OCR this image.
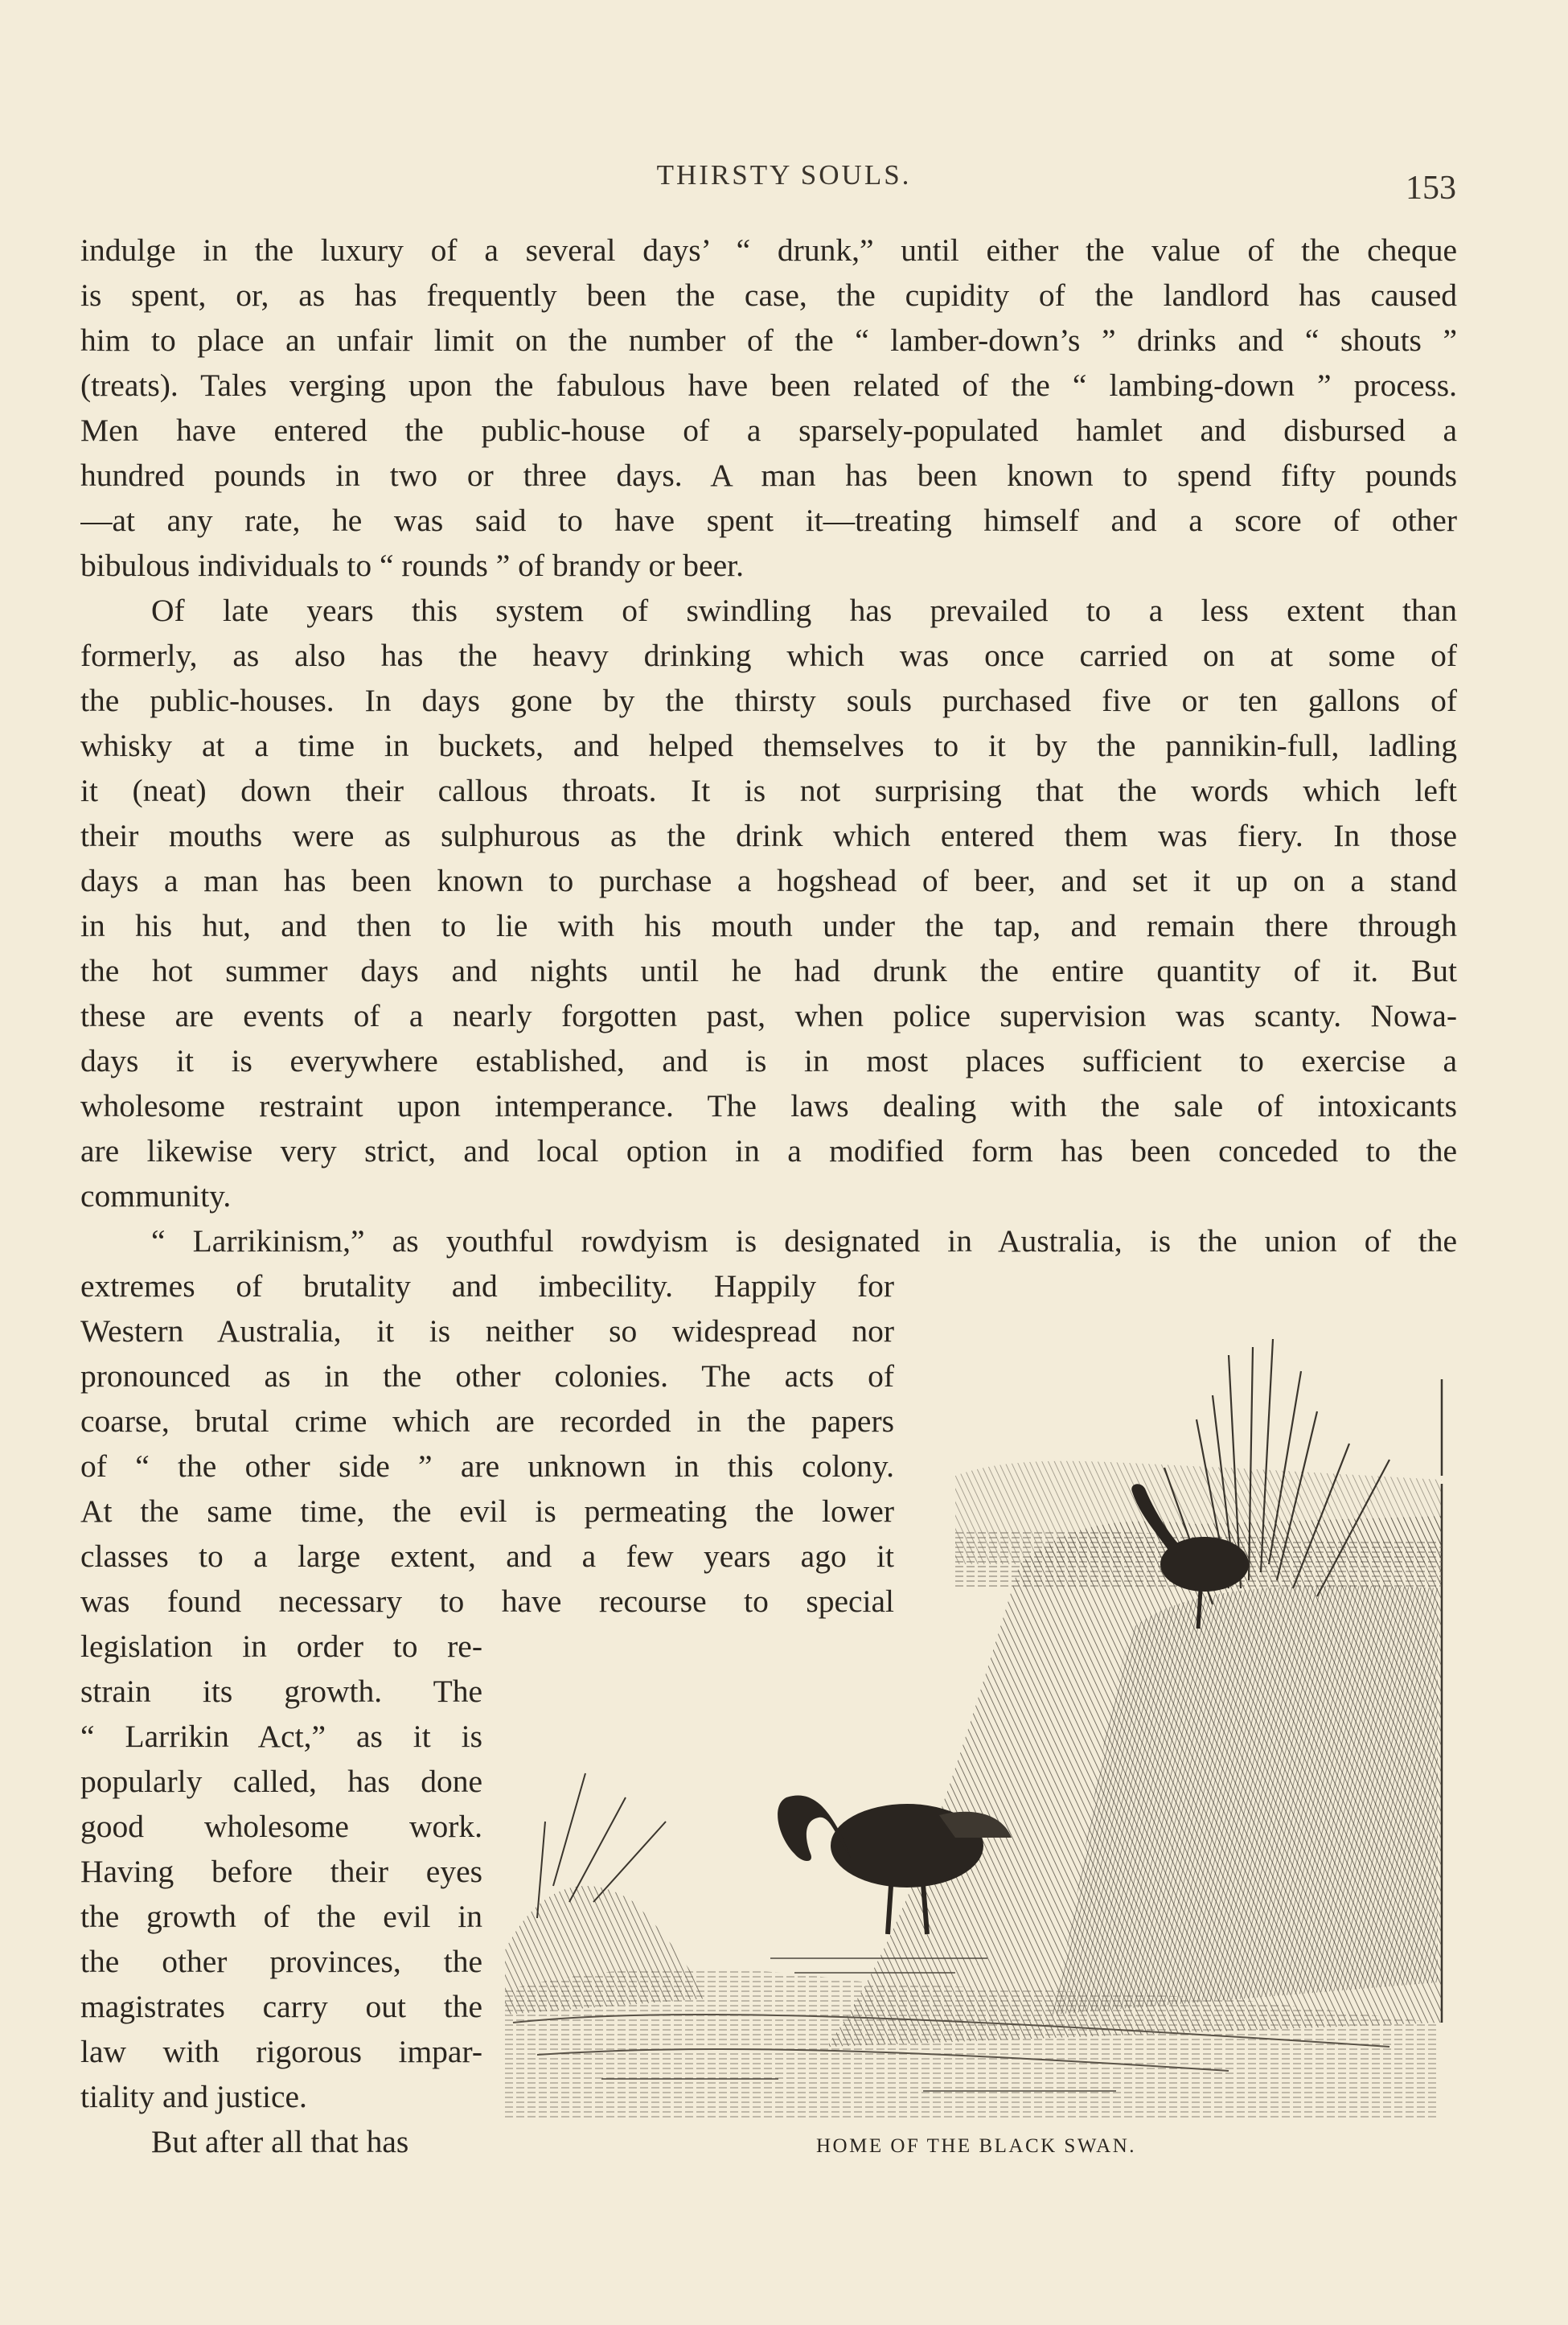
THIRSTY SOULS.	153
indulge in the luxury of a several days’ “ drunk,” until either the value of the cheque
is spent, or, as has frequently been the case, the cupidity of the landlord has caused
him to place an unfair limit on the number of the “ lamber-down’s ” drinks and “ shouts ”
(treats). Tales verging upon the fabulous have been related of the “ lambing-down ” process.
Men have entered the public-house of a sparsely-populated hamlet and disbursed a
hundred pounds in two or three days. A man has been known to spend fifty pounds
—at any rate, he was said to have spent it—treating himself and a score of other
bibulous individuals to “ rounds ” of brandy or beer.
Of late years this system of swindling has prevailed to a less extent than
formerly, as also has the heavy drinking which was once carried on at some of
the public-houses. In days gone by the thirsty souls purchased five or ten gallons of
whisky at a time in buckets, and helped themselves to it by the pannikin-full, ladling
it (neat) down their callous throats. It is not surprising that the words which left
their mouths were as sulphurous as the drink which entered them was fiery. In those
days a man has been known to purchase a hogshead of beer, and set it up on a stand
in his hut, and then to lie with his mouth under the tap, and remain there through
the hot summer days and nights until he had drunk the entire quantity of it. But
these are events of a nearly forgotten past, when police supervision was scanty. Nowa-
days it is everywhere established, and is in most places sufficient to exercise a
wholesome restraint upon intemperance. The laws dealing with the sale of intoxicants
are likewise very strict, and local option in a modified form has been conceded to the
community.
“ Larrikinism,” as youthful rowdyism is designated in Australia, is the union of the
extremes of brutality and imbecility. Happily for
Western Australia, it is neither so widespread nor
pronounced as in the other colonies. The acts of
coarse, brutal crime which are recorded in the papers
of “ the other side ” are unknown in this colony.
At the same time, the evil is permeating the lower
classes to a large extent, and a few years ago it
was found necessary to have recourse to special
legislation in order to re-
strain its growth. The
“ Larrikin Act,” as it is
popularly called, has done
good wholesome work.
Having before their eyes
the growth of the evil in
the other provinces, the
magistrates carry out the
law with rigorous impar-
tiality and justice.
But after all that has	HOME OF THE BLACK SWAN.
